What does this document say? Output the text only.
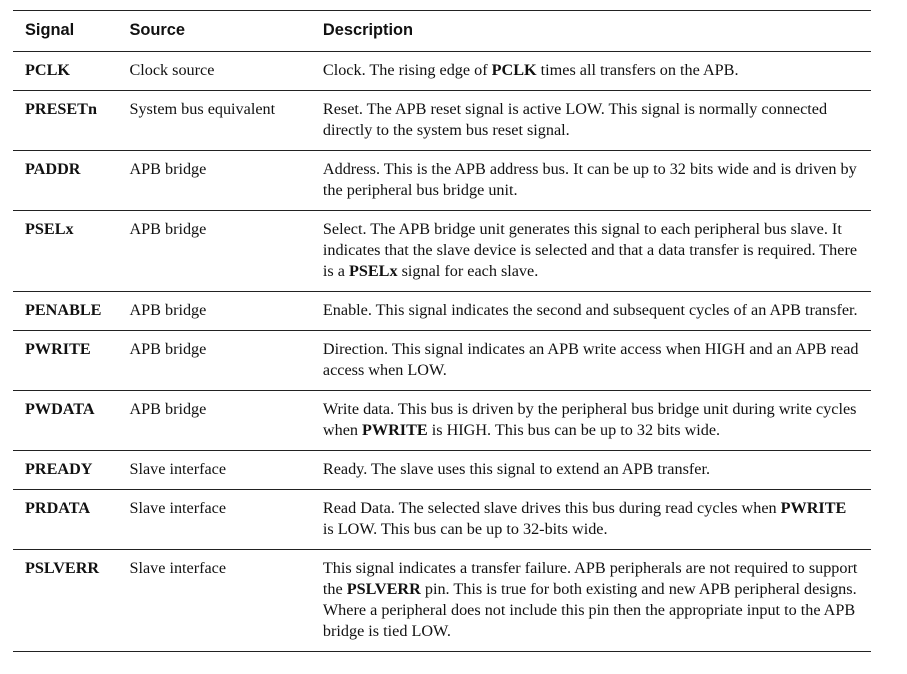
Signal	Source	Description
PCLK	Clock source	Clock. The rising edge of PCLK times all transfers on the APB.
PRESETn	System bus equivalent	Reset. The APB reset signal is active LOW. This signal is normally connected directly to the system bus reset signal.
PADDR	APB bridge	Address. This is the APB address bus. It can be up to 32 bits wide and is driven by the peripheral bus bridge unit.
PSELx	APB bridge	Select. The APB bridge unit generates this signal to each peripheral bus slave. It indicates that the slave device is selected and that a data transfer is required. There is a PSELx signal for each slave.
PENABLE	APB bridge	Enable. This signal indicates the second and subsequent cycles of an APB transfer.
PWRITE	APB bridge	Direction. This signal indicates an APB write access when HIGH and an APB read access when LOW.
PWDATA	APB bridge	Write data. This bus is driven by the peripheral bus bridge unit during write cycles when PWRITE is HIGH. This bus can be up to 32 bits wide.
PREADY	Slave interface	Ready. The slave uses this signal to extend an APB transfer.
PRDATA	Slave interface	Read Data. The selected slave drives this bus during read cycles when PWRITE is LOW. This bus can be up to 32-bits wide.
PSLVERR	Slave interface	This signal indicates a transfer failure. APB peripherals are not required to support the PSLVERR pin. This is true for both existing and new APB peripheral designs. Where a peripheral does not include this pin then the appropriate input to the APB bridge is tied LOW.
